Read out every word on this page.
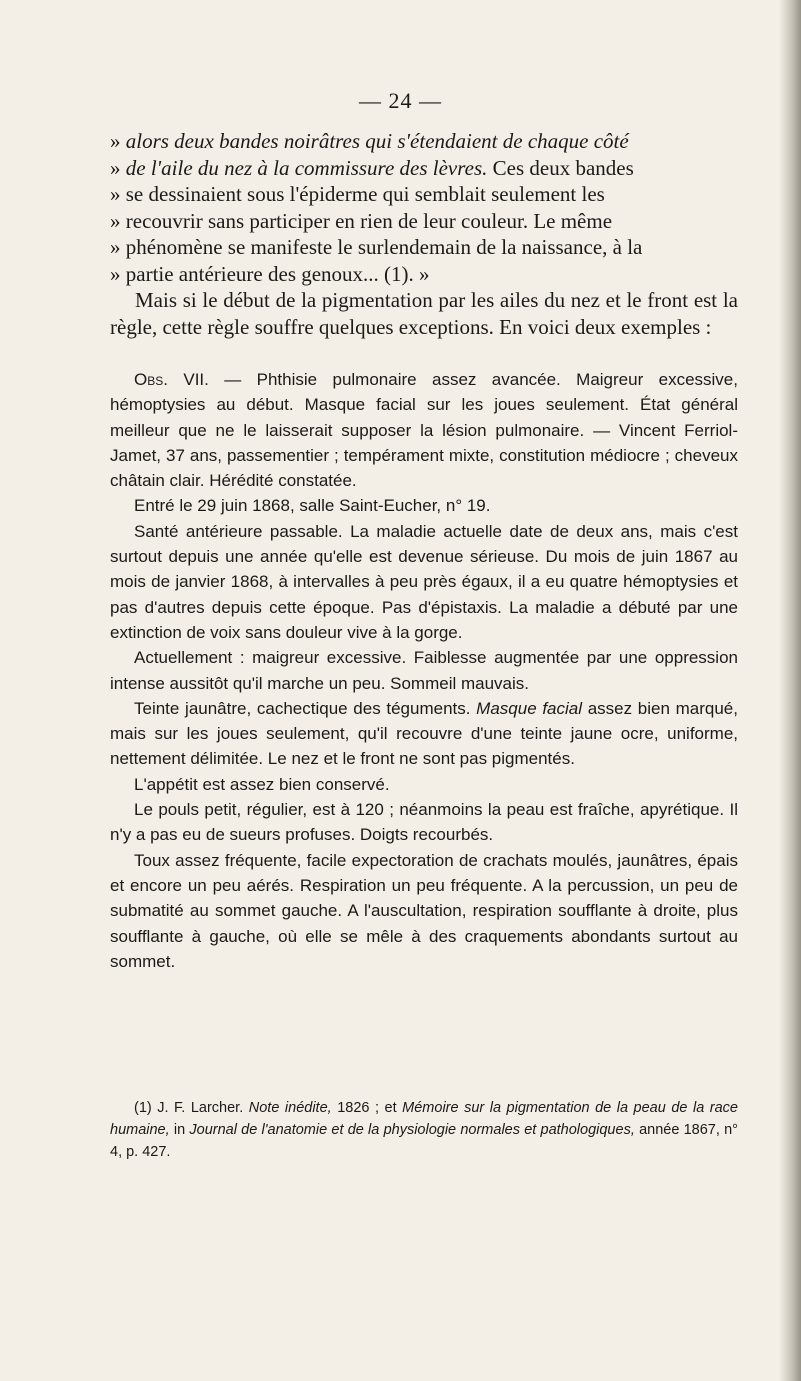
— 24 —

» alors deux bandes noirâtres qui s'étendaient de chaque côté

» de l'aile du nez à la commissure des lèvres. Ces deux bandes

» se dessinaient sous l'épiderme qui semblait seulement les

» recouvrir sans participer en rien de leur couleur. Le même

» phénomène se manifeste le surlendemain de la naissance, à la

» partie antérieure des genoux... (1). »

Mais si le début de la pigmentation par les ailes du nez et le front est la règle, cette règle souffre quelques exceptions. En voici deux exemples :

Obs. VII. — Phthisie pulmonaire assez avancée. Maigreur excessive, hémoptysies au début. Masque facial sur les joues seulement. État général meilleur que ne le laisserait supposer la lésion pulmonaire. — Vincent Ferriol-Jamet, 37 ans, passementier ; tempérament mixte, constitution médiocre ; cheveux châtain clair. Hérédité constatée.

Entré le 29 juin 1868, salle Saint-Eucher, n° 19.

Santé antérieure passable. La maladie actuelle date de deux ans, mais c'est surtout depuis une année qu'elle est devenue sérieuse. Du mois de juin 1867 au mois de janvier 1868, à intervalles à peu près égaux, il a eu quatre hémoptysies et pas d'autres depuis cette époque. Pas d'épistaxis. La maladie a débuté par une extinction de voix sans douleur vive à la gorge.

Actuellement : maigreur excessive. Faiblesse augmentée par une oppression intense aussitôt qu'il marche un peu. Sommeil mauvais.

Teinte jaunâtre, cachectique des téguments. Masque facial assez bien marqué, mais sur les joues seulement, qu'il recouvre d'une teinte jaune ocre, uniforme, nettement délimitée. Le nez et le front ne sont pas pigmentés.

L'appétit est assez bien conservé.

Le pouls petit, régulier, est à 120 ; néanmoins la peau est fraîche, apyrétique. Il n'y a pas eu de sueurs profuses. Doigts recourbés.

Toux assez fréquente, facile expectoration de crachats moulés, jaunâtres, épais et encore un peu aérés. Respiration un peu fréquente. A la percussion, un peu de submatité au sommet gauche. A l'auscultation, respiration soufflante à droite, plus soufflante à gauche, où elle se mêle à des craquements abondants surtout au sommet.

(1) J. F. Larcher. Note inédite, 1826 ; et Mémoire sur la pigmentation de la peau de la race humaine, in Journal de l'anatomie et de la physiologie normales et pathologiques, année 1867, n° 4, p. 427.
